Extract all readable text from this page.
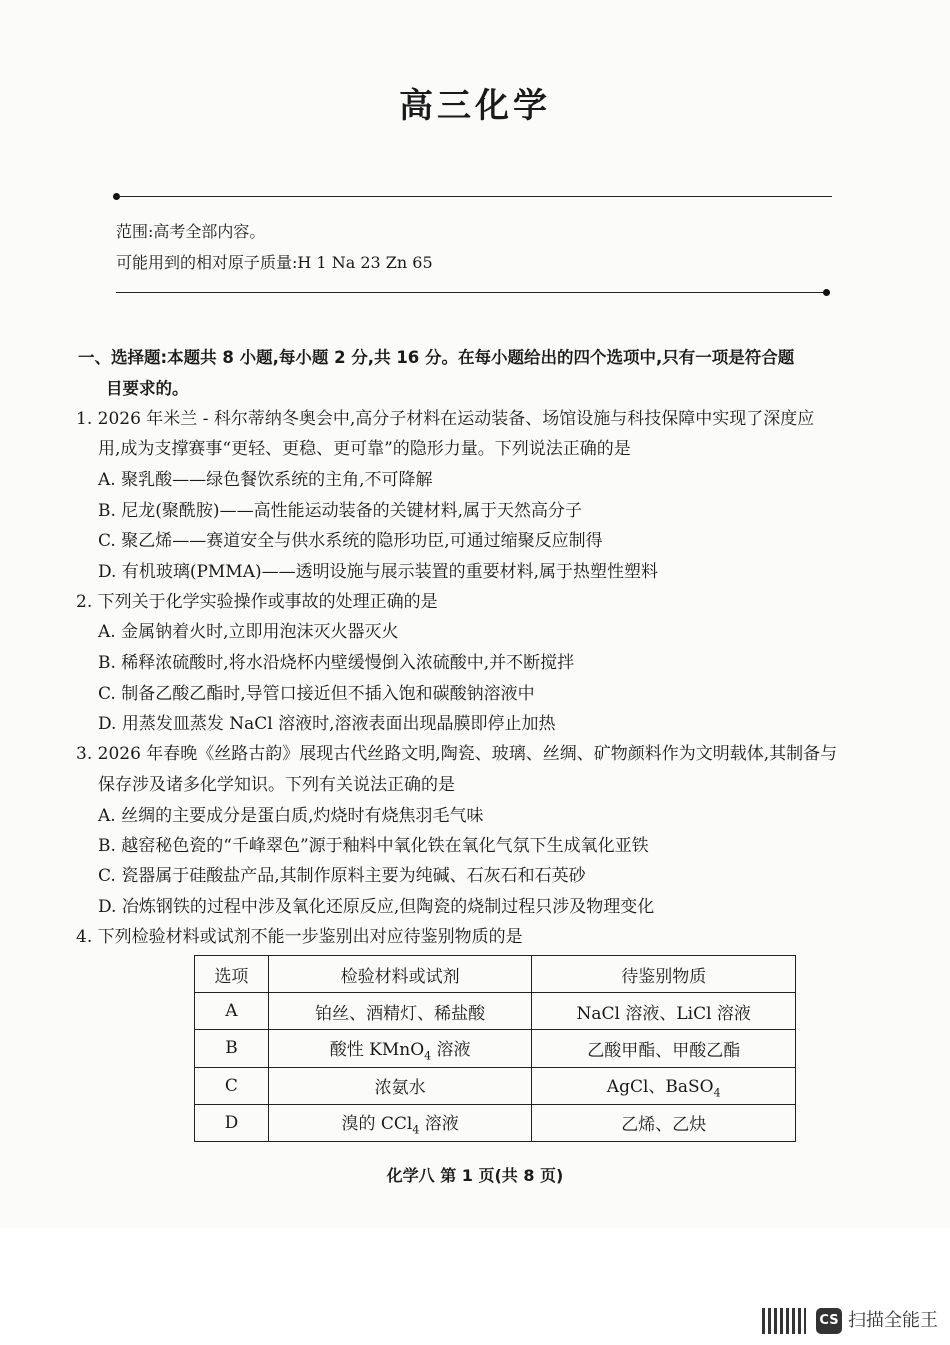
高三化学
范围:高考全部内容。
可能用到的相对原子质量:H 1 Na 23 Zn 65
一、选择题:本题共 8 小题,每小题 2 分,共 16 分。在每小题给出的四个选项中,只有一项是符合题
目要求的。
1. 2026 年米兰 - 科尔蒂纳冬奥会中,高分子材料在运动装备、场馆设施与科技保障中实现了深度应
用,成为支撑赛事“更轻、更稳、更可靠”的隐形力量。下列说法正确的是
A. 聚乳酸——绿色餐饮系统的主角,不可降解
B. 尼龙(聚酰胺)——高性能运动装备的关键材料,属于天然高分子
C. 聚乙烯——赛道安全与供水系统的隐形功臣,可通过缩聚反应制得
D. 有机玻璃(PMMA)——透明设施与展示装置的重要材料,属于热塑性塑料
2. 下列关于化学实验操作或事故的处理正确的是
A. 金属钠着火时,立即用泡沫灭火器灭火
B. 稀释浓硫酸时,将水沿烧杯内壁缓慢倒入浓硫酸中,并不断搅拌
C. 制备乙酸乙酯时,导管口接近但不插入饱和碳酸钠溶液中
D. 用蒸发皿蒸发 NaCl 溶液时,溶液表面出现晶膜即停止加热
3. 2026 年春晚《丝路古韵》展现古代丝路文明,陶瓷、玻璃、丝绸、矿物颜料作为文明载体,其制备与
保存涉及诸多化学知识。下列有关说法正确的是
A. 丝绸的主要成分是蛋白质,灼烧时有烧焦羽毛气味
B. 越窑秘色瓷的“千峰翠色”源于釉料中氧化铁在氧化气氛下生成氧化亚铁
C. 瓷器属于硅酸盐产品,其制作原料主要为纯碱、石灰石和石英砂
D. 冶炼钢铁的过程中涉及氧化还原反应,但陶瓷的烧制过程只涉及物理变化
4. 下列检验材料或试剂不能一步鉴别出对应待鉴别物质的是
选项	检验材料或试剂	待鉴别物质
A	铂丝、酒精灯、稀盐酸	NaCl 溶液、LiCl 溶液
B	酸性 KMnO$_4$ 溶液	乙酸甲酯、甲酸乙酯
C	浓氨水	AgCl、BaSO$_4$
D	溴的 CCl$_4$ 溶液	乙烯、乙炔
化学八 第 1 页(共 8 页)
CS 扫描全能王
